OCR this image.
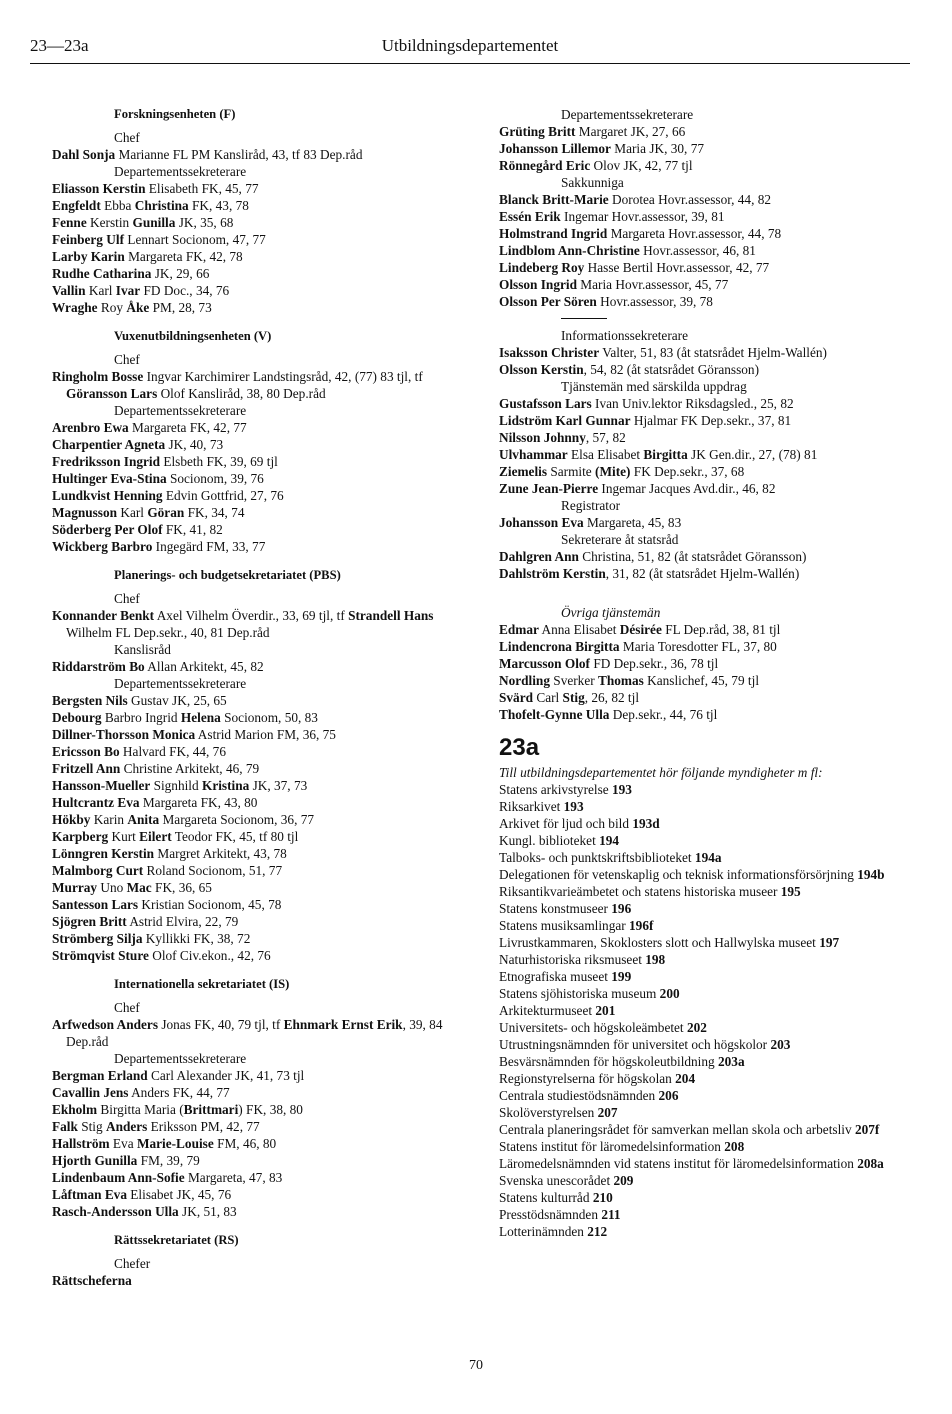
23—23a	Utbildningsdepartementet
Forskningsenheten (F)
Chef
Dahl Sonja Marianne FL PM Kansliråd, 43, tf 83 Dep.råd
Departementssekreterare
Eliasson Kerstin Elisabeth FK, 45, 77
Engfeldt Ebba Christina FK, 43, 78
Fenne Kerstin Gunilla JK, 35, 68
Feinberg Ulf Lennart Socionom, 47, 77
Larby Karin Margareta FK, 42, 78
Rudhe Catharina JK, 29, 66
Vallin Karl Ivar FD Doc., 34, 76
Wraghe Roy Åke PM, 28, 73
Vuxenutbildningsenheten (V)
Chef
Ringholm Bosse Ingvar Karchimirer Landstingsråd, 42, (77) 83 tjl, tf Göransson Lars Olof Kansliråd, 38, 80 Dep.råd
Departementssekreterare
Arenbro Ewa Margareta FK, 42, 77
Charpentier Agneta JK, 40, 73
Fredriksson Ingrid Elsbeth FK, 39, 69 tjl
Hultinger Eva-Stina Socionom, 39, 76
Lundkvist Henning Edvin Gottfrid, 27, 76
Magnusson Karl Göran FK, 34, 74
Söderberg Per Olof FK, 41, 82
Wickberg Barbro Ingegärd FM, 33, 77
Planerings- och budgetsekretariatet (PBS)
Chef
Konnander Benkt Axel Vilhelm Överdir., 33, 69 tjl, tf Strandell Hans Wilhelm FL Dep.sekr., 40, 81 Dep.råd
Kanslisråd
Riddarström Bo Allan Arkitekt, 45, 82
Departementssekreterare
Bergsten Nils Gustav JK, 25, 65
Debourg Barbro Ingrid Helena Socionom, 50, 83
Dillner-Thorsson Monica Astrid Marion FM, 36, 75
Ericsson Bo Halvard FK, 44, 76
Fritzell Ann Christine Arkitekt, 46, 79
Hansson-Mueller Signhild Kristina JK, 37, 73
Hultcrantz Eva Margareta FK, 43, 80
Hökby Karin Anita Margareta Socionom, 36, 77
Karpberg Kurt Eilert Teodor FK, 45, tf 80 tjl
Lönngren Kerstin Margret Arkitekt, 43, 78
Malmborg Curt Roland Socionom, 51, 77
Murray Uno Mac FK, 36, 65
Santesson Lars Kristian Socionom, 45, 78
Sjögren Britt Astrid Elvira, 22, 79
Strömberg Silja Kyllikki FK, 38, 72
Strömqvist Sture Olof Civ.ekon., 42, 76
Internationella sekretariatet (IS)
Chef
Arfwedson Anders Jonas FK, 40, 79 tjl, tf Ehnmark Ernst Erik, 39, 84 Dep.råd
Departementssekreterare
Bergman Erland Carl Alexander JK, 41, 73 tjl
Cavallin Jens Anders FK, 44, 77
Ekholm Birgitta Maria (Brittmari) FK, 38, 80
Falk Stig Anders Eriksson PM, 42, 77
Hallström Eva Marie-Louise FM, 46, 80
Hjorth Gunilla FM, 39, 79
Lindenbaum Ann-Sofie Margareta, 47, 83
Låftman Eva Elisabet JK, 45, 76
Rasch-Andersson Ulla JK, 51, 83
Rättssekretariatet (RS)
Chefer
Rättscheferna
Departementssekreterare
Grüting Britt Margaret JK, 27, 66
Johansson Lillemor Maria JK, 30, 77
Rönnegård Eric Olov JK, 42, 77 tjl
Sakkunniga
Blanck Britt-Marie Dorotea Hovr.assessor, 44, 82
Essén Erik Ingemar Hovr.assessor, 39, 81
Holmstrand Ingrid Margareta Hovr.assessor, 44, 78
Lindblom Ann-Christine Hovr.assessor, 46, 81
Lindeberg Roy Hasse Bertil Hovr.assessor, 42, 77
Olsson Ingrid Maria Hovr.assessor, 45, 77
Olsson Per Sören Hovr.assessor, 39, 78
Informationssekreterare
Isaksson Christer Valter, 51, 83 (åt statsrådet Hjelm-Wallén)
Olsson Kerstin, 54, 82 (åt statsrådet Göransson)
Tjänstemän med särskilda uppdrag
Gustafsson Lars Ivan Univ.lektor Riksdagsled., 25, 82
Lidström Karl Gunnar Hjalmar FK Dep.sekr., 37, 81
Nilsson Johnny, 57, 82
Ulvhammar Elsa Elisabet Birgitta JK Gen.dir., 27, (78) 81
Ziemelis Sarmite (Mite) FK Dep.sekr., 37, 68
Zune Jean-Pierre Ingemar Jacques Avd.dir., 46, 82
Registrator
Johansson Eva Margareta, 45, 83
Sekreterare åt statsråd
Dahlgren Ann Christina, 51, 82 (åt statsrådet Göransson)
Dahlström Kerstin, 31, 82 (åt statsrådet Hjelm-Wallén)
Övriga tjänstemän
Edmar Anna Elisabet Désirée FL Dep.råd, 38, 81 tjl
Lindencrona Birgitta Maria Toresdotter FL, 37, 80
Marcusson Olof FD Dep.sekr., 36, 78 tjl
Nordling Sverker Thomas Kanslichef, 45, 79 tjl
Svärd Carl Stig, 26, 82 tjl
Thofelt-Gynne Ulla Dep.sekr., 44, 76 tjl
23a
Till utbildningsdepartementet hör följande myndigheter m fl:
Statens arkivstyrelse 193
Riksarkivet 193
Arkivet för ljud och bild 193d
Kungl. biblioteket 194
Talboks- och punktskriftsbiblioteket 194a
Delegationen för vetenskaplig och teknisk informationsförsörjning 194b
Riksantikvarieämbetet och statens historiska museer 195
Statens konstmuseer 196
Statens musiksamlingar 196f
Livrustkammaren, Skoklosters slott och Hallwylska museet 197
Naturhistoriska riksmuseet 198
Etnografiska museet 199
Statens sjöhistoriska museum 200
Arkitekturmuseet 201
Universitets- och högskoleämbetet 202
Utrustningsnämnden för universitet och högskolor 203
Besvärsnämnden för högskoleutbildning 203a
Regionstyrelserna för högskolan 204
Centrala studiestödsnämnden 206
Skolöverstyrelsen 207
Centrala planeringsrådet för samverkan mellan skola och arbetsliv 207f
Statens institut för läromedelsinformation 208
Läromedelsnämnden vid statens institut för läromedelsinformation 208a
Svenska unescorådet 209
Statens kulturråd 210
Presstödsnämnden 211
Lotterinämnden 212
70
